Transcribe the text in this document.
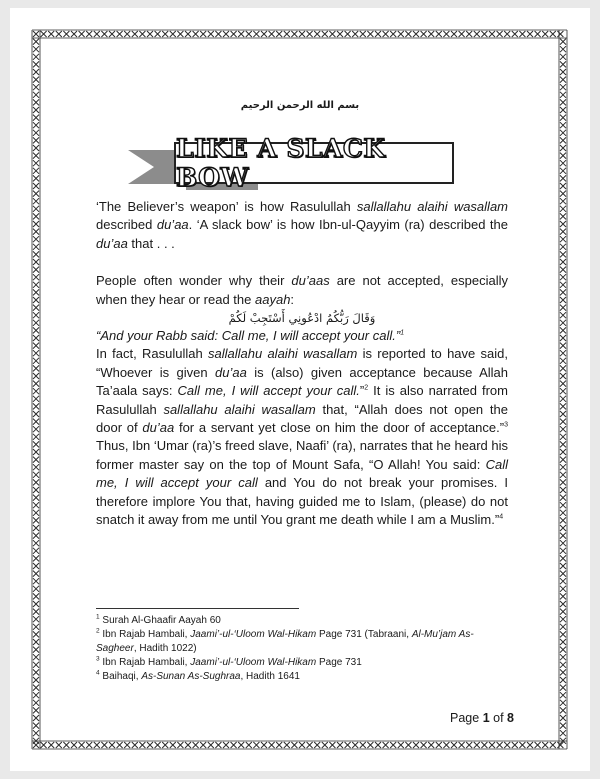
بسم الله الرحمن الرحيم
LIKE A SLACK BOW

‘The Believer’s weapon’ is how Rasulullah sallallahu alaihi wasallam described du’aa. ‘A slack bow’ is how Ibn-ul-Qayyim (ra) described the du’aa that . . .

People often wonder why their du’aas are not accepted, especially when they hear or read the aayah:

وَقَالَ رَبُّكُمُ ادْعُونِي أَسْتَجِبْ لَكُمْ

“And your Rabb said: Call me, I will accept your call.”$^1$

In fact, Rasulullah sallallahu alaihi wasallam is reported to have said, “Whoever is given du’aa is (also) given acceptance because Allah Ta’aala says: Call me, I will accept your call.”$^2$ It is also narrated from Rasulullah sallallahu alaihi wasallam that, “Allah does not open the door of du’aa for a servant yet close on him the door of acceptance.”$^3$ Thus, Ibn ‘Umar (ra)’s freed slave, Naafi’ (ra), narrates that he heard his former master say on the top of Mount Safa, “O Allah! You said: Call me, I will accept your call and You do not break your promises. I therefore implore You that, having guided me to Islam, (please) do not snatch it away from me until You grant me death while I am a Muslim.”$^4$

$^1$ Surah Al-Ghaafir Aayah 60

$^2$ Ibn Rajab Hambali, Jaami’-ul-‘Uloom Wal-Hikam Page 731 (Tabraani, Al-Mu’jam As-Sagheer, Hadith 1022)

$^3$ Ibn Rajab Hambali, Jaami’-ul-‘Uloom Wal-Hikam Page 731

$^4$ Baihaqi, As-Sunan As-Sughraa, Hadith 1641

Page 1 of 8
